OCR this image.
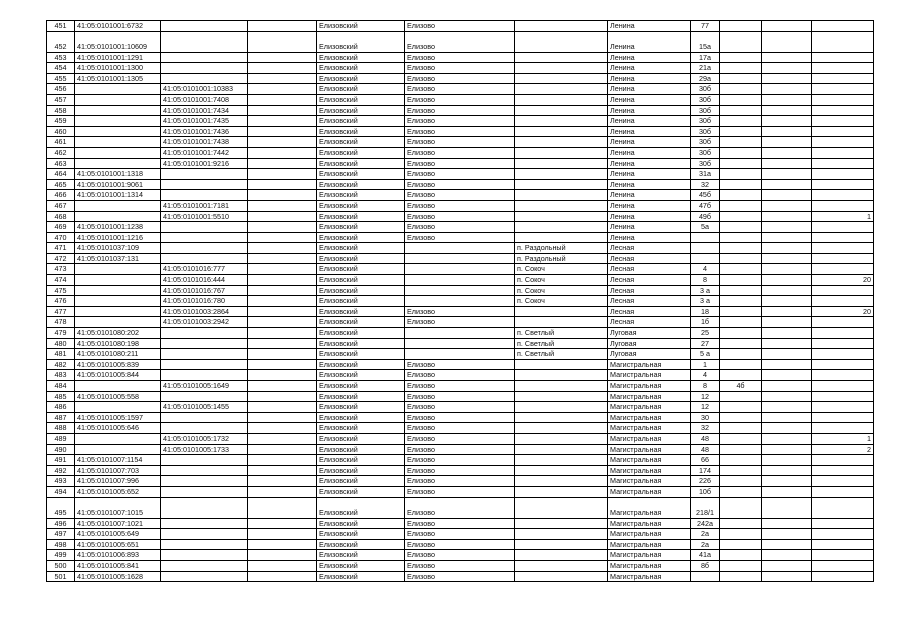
451	41:05:0101001:6732			Елизовский	Елизово		Ленина	77			
452	41:05:0101001:10609			Елизовский	Елизово		Ленина	15а			
453	41:05:0101001:1291			Елизовский	Елизово		Ленина	17а			
454	41:05:0101001:1300			Елизовский	Елизово		Ленина	21а			
455	41:05:0101001:1305			Елизовский	Елизово		Ленина	29а			
456		41:05:0101001:10383		Елизовский	Елизово		Ленина	30б			
457		41:05:0101001:7408		Елизовский	Елизово		Ленина	30б			
458		41:05:0101001:7434		Елизовский	Елизово		Ленина	30б			
459		41:05:0101001:7435		Елизовский	Елизово		Ленина	30б			
460		41:05:0101001:7436		Елизовский	Елизово		Ленина	30б			
461		41:05:0101001:7438		Елизовский	Елизово		Ленина	30б			
462		41:05:0101001:7442		Елизовский	Елизово		Ленина	30б			
463		41:05:0101001:9216		Елизовский	Елизово		Ленина	30б			
464	41:05:0101001:1318			Елизовский	Елизово		Ленина	31а			
465	41:05:0101001:9061			Елизовский	Елизово		Ленина	32			
466	41:05:0101001:1314			Елизовский	Елизово		Ленина	45б			
467		41:05:0101001:7181		Елизовский	Елизово		Ленина	47б			
468		41:05:0101001:5510		Елизовский	Елизово		Ленина	49б			1
469	41:05:0101001:1238			Елизовский	Елизово		Ленина	5а			
470	41:05:0101001:1216			Елизовский	Елизово		Ленина				
471	41:05:0101037:109			Елизовский		п. Раздольный	Лесная				
472	41:05:0101037:131			Елизовский		п. Раздольный	Лесная				
473		41:05:0101016:777		Елизовский		п. Сокоч	Лесная	4			
474		41:05:0101016:444		Елизовский		п. Сокоч	Лесная	8			20
475		41:05:0101016:767		Елизовский		п. Сокоч	Лесная	3 а			
476		41:05:0101016:780		Елизовский		п. Сокоч	Лесная	3 а			
477		41:05:0101003:2864		Елизовский	Елизово		Лесная	18			20
478		41:05:0101003:2942		Елизовский	Елизово		Лесная	1б			
479	41:05:0101080:202			Елизовский		п. Светлый	Луговая	25			
480	41:05:0101080:198			Елизовский		п. Светлый	Луговая	27			
481	41:05:0101080:211			Елизовский		п. Светлый	Луговая	5 а			
482	41:05:0101005:839			Елизовский	Елизово		Магистральная	1			
483	41:05:0101005:844			Елизовский	Елизово		Магистральная	4			
484		41:05:0101005:1649		Елизовский	Елизово		Магистральная	8	4б		
485	41:05:0101005:558			Елизовский	Елизово		Магистральная	12			
486		41:05:0101005:1455		Елизовский	Елизово		Магистральная	12			
487	41:05:0101005:1597			Елизовский	Елизово		Магистральная	30			
488	41:05:0101005:646			Елизовский	Елизово		Магистральная	32			
489		41:05:0101005:1732		Елизовский	Елизово		Магистральная	48			1
490		41:05:0101005:1733		Елизовский	Елизово		Магистральная	48			2
491	41:05:0101007:1154			Елизовский	Елизово		Магистральная	66			
492	41:05:0101007:703			Елизовский	Елизово		Магистральная	174			
493	41:05:0101007:996			Елизовский	Елизово		Магистральная	226			
494	41:05:0101005:652			Елизовский	Елизово		Магистральная	10б			
495	41:05:0101007:1015			Елизовский	Елизово		Магистральная	218/1			
496	41:05:0101007:1021			Елизовский	Елизово		Магистральная	242а			
497	41:05:0101005:649			Елизовский	Елизово		Магистральная	2а			
498	41:05:0101005:651			Елизовский	Елизово		Магистральная	2а			
499	41:05:0101006:893			Елизовский	Елизово		Магистральная	41а			
500	41:05:0101005:841			Елизовский	Елизово		Магистральная	8б			
501	41:05:0101005:1628			Елизовский	Елизово		Магистральная				
